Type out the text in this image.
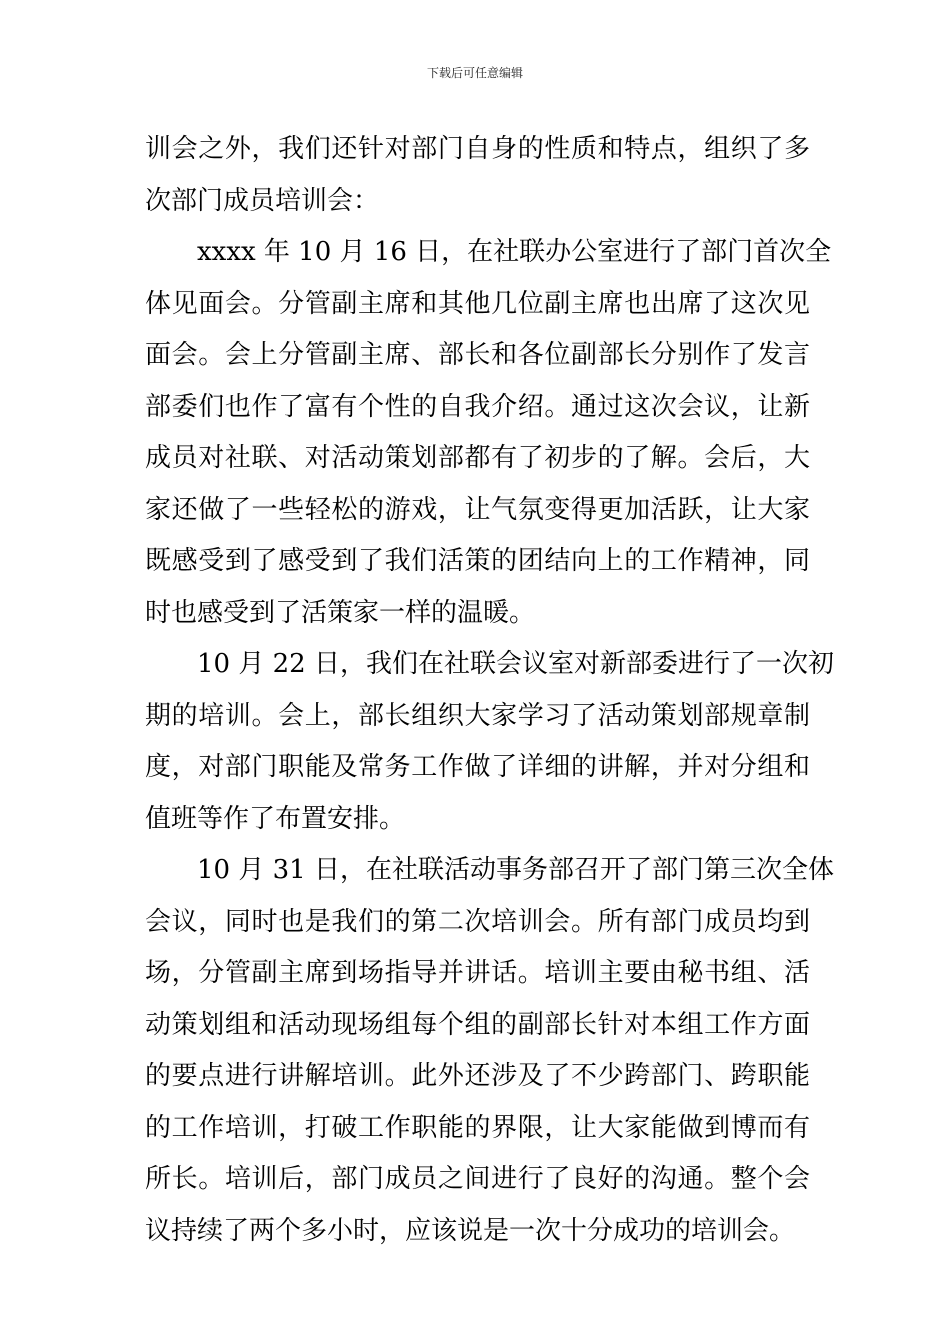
下载后可任意编辑

训会之外，我们还针对部门自身的性质和特点，组织了多
次部门成员培训会：

xxxx 年 10 月 16 日，在社联办公室进行了部门首次全
体见面会。分管副主席和其他几位副主席也出席了这次见
面会。会上分管副主席、部长和各位副部长分别作了发言
部委们也作了富有个性的自我介绍。通过这次会议，让新
成员对社联、对活动策划部都有了初步的了解。会后，大
家还做了一些轻松的游戏，让气氛变得更加活跃，让大家
既感受到了感受到了我们活策的团结向上的工作精神，同
时也感受到了活策家一样的温暖。

10 月 22 日，我们在社联会议室对新部委进行了一次初
期的培训。会上，部长组织大家学习了活动策划部规章制
度，对部门职能及常务工作做了详细的讲解，并对分组和
值班等作了布置安排。

10 月 31 日，在社联活动事务部召开了部门第三次全体
会议，同时也是我们的第二次培训会。所有部门成员均到
场，分管副主席到场指导并讲话。培训主要由秘书组、活
动策划组和活动现场组每个组的副部长针对本组工作方面
的要点进行讲解培训。此外还涉及了不少跨部门、跨职能
的工作培训，打破工作职能的界限，让大家能做到博而有
所长。培训后，部门成员之间进行了良好的沟通。整个会
议持续了两个多小时，应该说是一次十分成功的培训会。
